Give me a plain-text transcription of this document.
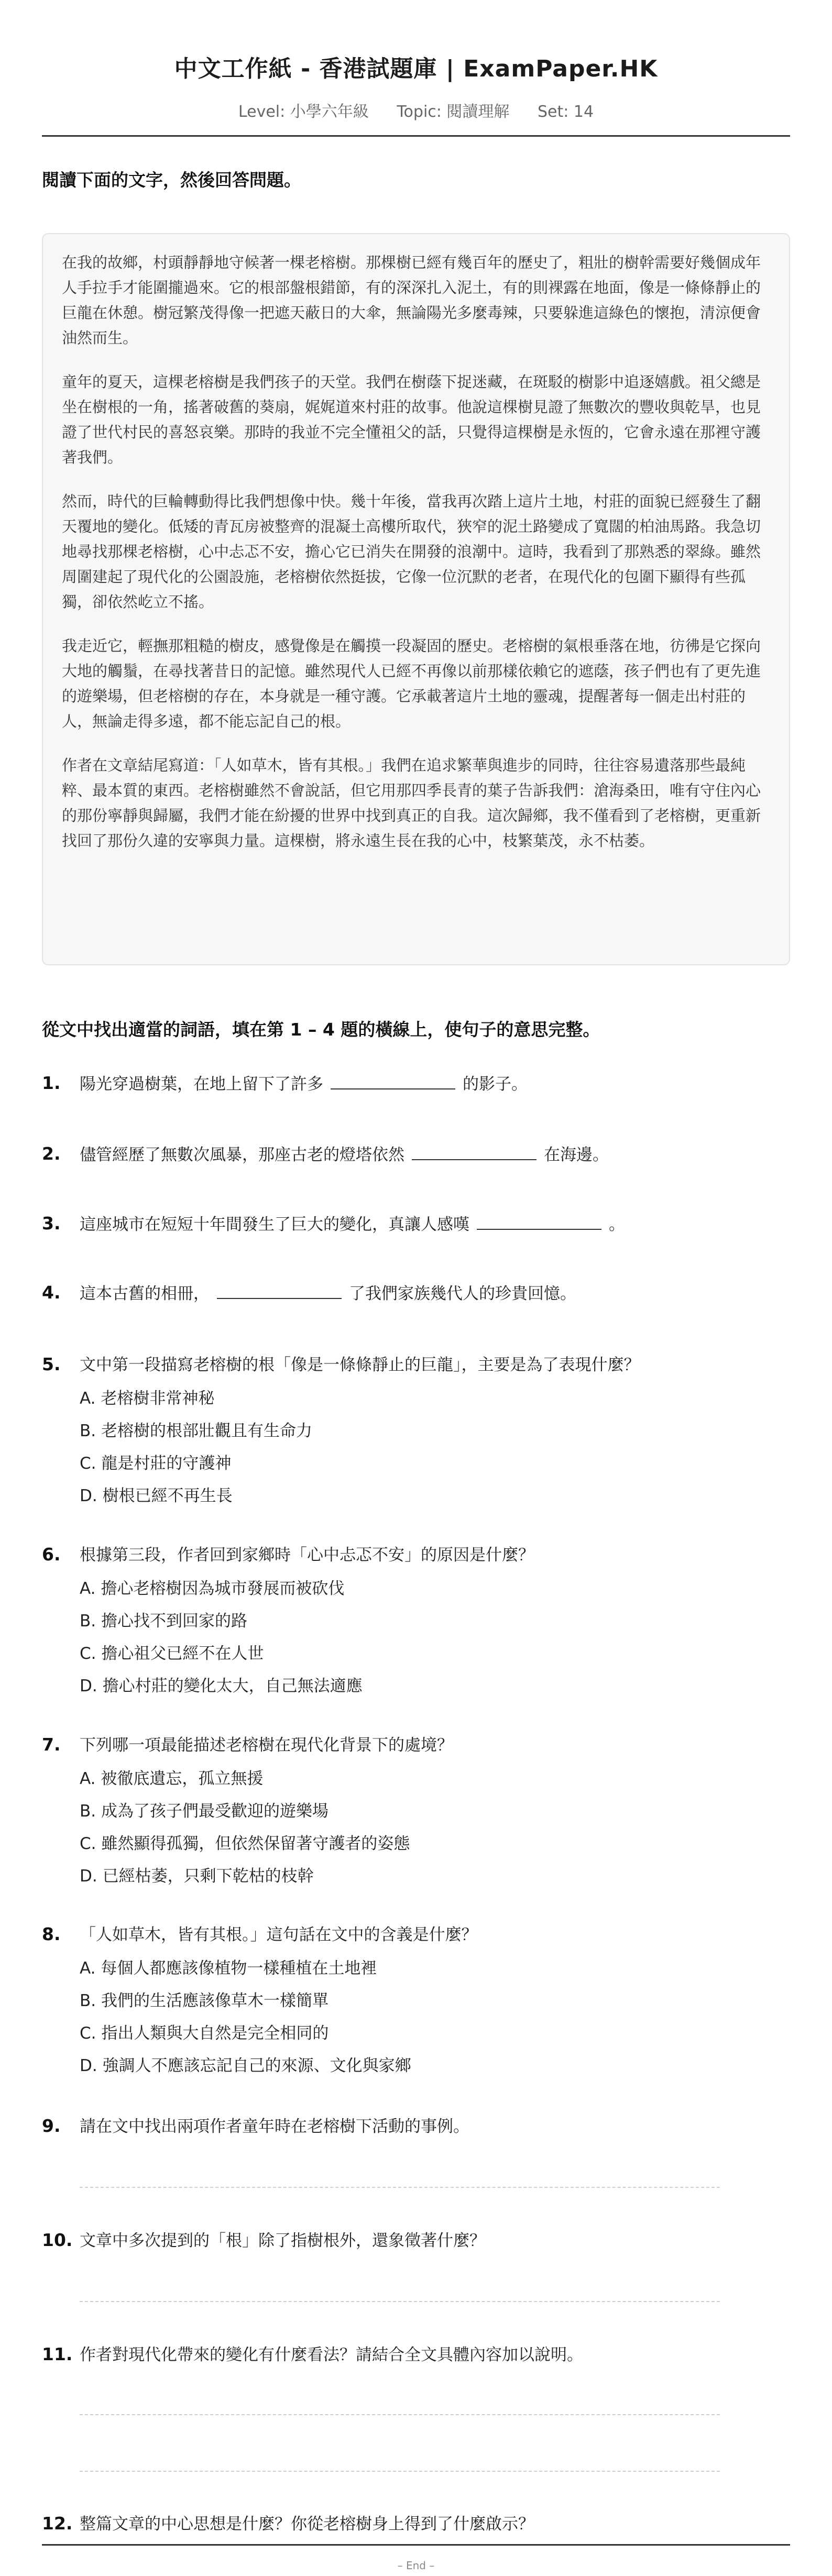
中文工作紙 - 香港試題庫 | ExamPaper.HK
Level: 小學六年級 Topic: 閱讀理解 Set: 14
閱讀下面的文字，然後回答問題。

在我的故鄉，村頭靜靜地守候著一棵老榕樹。那棵樹已經有幾百年的歷史了，粗壯的樹幹需要好幾個成年人手拉手才能圍攏過來。它的根部盤根錯節，有的深深扎入泥土，有的則裸露在地面，像是一條條靜止的巨龍在休憩。樹冠繁茂得像一把遮天蔽日的大傘，無論陽光多麼毒辣，只要躲進這綠色的懷抱，清涼便會油然而生。

童年的夏天，這棵老榕樹是我們孩子的天堂。我們在樹蔭下捉迷藏，在斑駁的樹影中追逐嬉戲。祖父總是坐在樹根的一角，搖著破舊的葵扇，娓娓道來村莊的故事。他說這棵樹見證了無數次的豐收與乾旱，也見證了世代村民的喜怒哀樂。那時的我並不完全懂祖父的話，只覺得這棵樹是永恆的，它會永遠在那裡守護著我們。

然而，時代的巨輪轉動得比我們想像中快。幾十年後，當我再次踏上這片土地，村莊的面貌已經發生了翻天覆地的變化。低矮的青瓦房被整齊的混凝土高樓所取代，狹窄的泥土路變成了寬闊的柏油馬路。我急切地尋找那棵老榕樹，心中忐忑不安，擔心它已消失在開發的浪潮中。這時，我看到了那熟悉的翠綠。雖然周圍建起了現代化的公園設施，老榕樹依然挺拔，它像一位沉默的老者，在現代化的包圍下顯得有些孤獨，卻依然屹立不搖。

我走近它，輕撫那粗糙的樹皮，感覺像是在觸摸一段凝固的歷史。老榕樹的氣根垂落在地，彷彿是它探向大地的觸鬚，在尋找著昔日的記憶。雖然現代人已經不再像以前那樣依賴它的遮蔭，孩子們也有了更先進的遊樂場，但老榕樹的存在，本身就是一種守護。它承載著這片土地的靈魂，提醒著每一個走出村莊的人，無論走得多遠，都不能忘記自己的根。

作者在文章結尾寫道：「人如草木，皆有其根。」我們在追求繁華與進步的同時，往往容易遺落那些最純粹、最本質的東西。老榕樹雖然不會說話，但它用那四季長青的葉子告訴我們：滄海桑田，唯有守住內心的那份寧靜與歸屬，我們才能在紛擾的世界中找到真正的自我。這次歸鄉，我不僅看到了老榕樹，更重新找回了那份久違的安寧與力量。這棵樹，將永遠生長在我的心中，枝繁葉茂，永不枯萎。

從文中找出適當的詞語，填在第 1 – 4 題的橫線上，使句子的意思完整。
1.	陽光穿過樹葉，在地上留下了許多	的影子。
2.	儘管經歷了無數次風暴，那座古老的燈塔依然	在海邊。
3.	這座城市在短短十年間發生了巨大的變化，真讓人感嘆	。
4.	這本古舊的相冊，	了我們家族幾代人的珍貴回憶。
5.	文中第一段描寫老榕樹的根「像是一條條靜止的巨龍」，主要是為了表現什麼？
A. 老榕樹非常神秘
B. 老榕樹的根部壯觀且有生命力
C. 龍是村莊的守護神
D. 樹根已經不再生長
6.	根據第三段，作者回到家鄉時「心中忐忑不安」的原因是什麼？
A. 擔心老榕樹因為城市發展而被砍伐
B. 擔心找不到回家的路
C. 擔心祖父已經不在人世
D. 擔心村莊的變化太大，自己無法適應
7.	下列哪一項最能描述老榕樹在現代化背景下的處境？
A. 被徹底遺忘，孤立無援
B. 成為了孩子們最受歡迎的遊樂場
C. 雖然顯得孤獨，但依然保留著守護者的姿態
D. 已經枯萎，只剩下乾枯的枝幹
8.	「人如草木，皆有其根。」這句話在文中的含義是什麼？
A. 每個人都應該像植物一樣種植在土地裡
B. 我們的生活應該像草木一樣簡單
C. 指出人類與大自然是完全相同的
D. 強調人不應該忘記自己的來源、文化與家鄉
9.	請在文中找出兩項作者童年時在老榕樹下活動的事例。
10. 文章中多次提到的「根」除了指樹根外，還象徵著什麼？
11. 作者對現代化帶來的變化有什麼看法？請結合全文具體內容加以說明。
12. 整篇文章的中心思想是什麼？你從老榕樹身上得到了什麼啟示？
– End –
